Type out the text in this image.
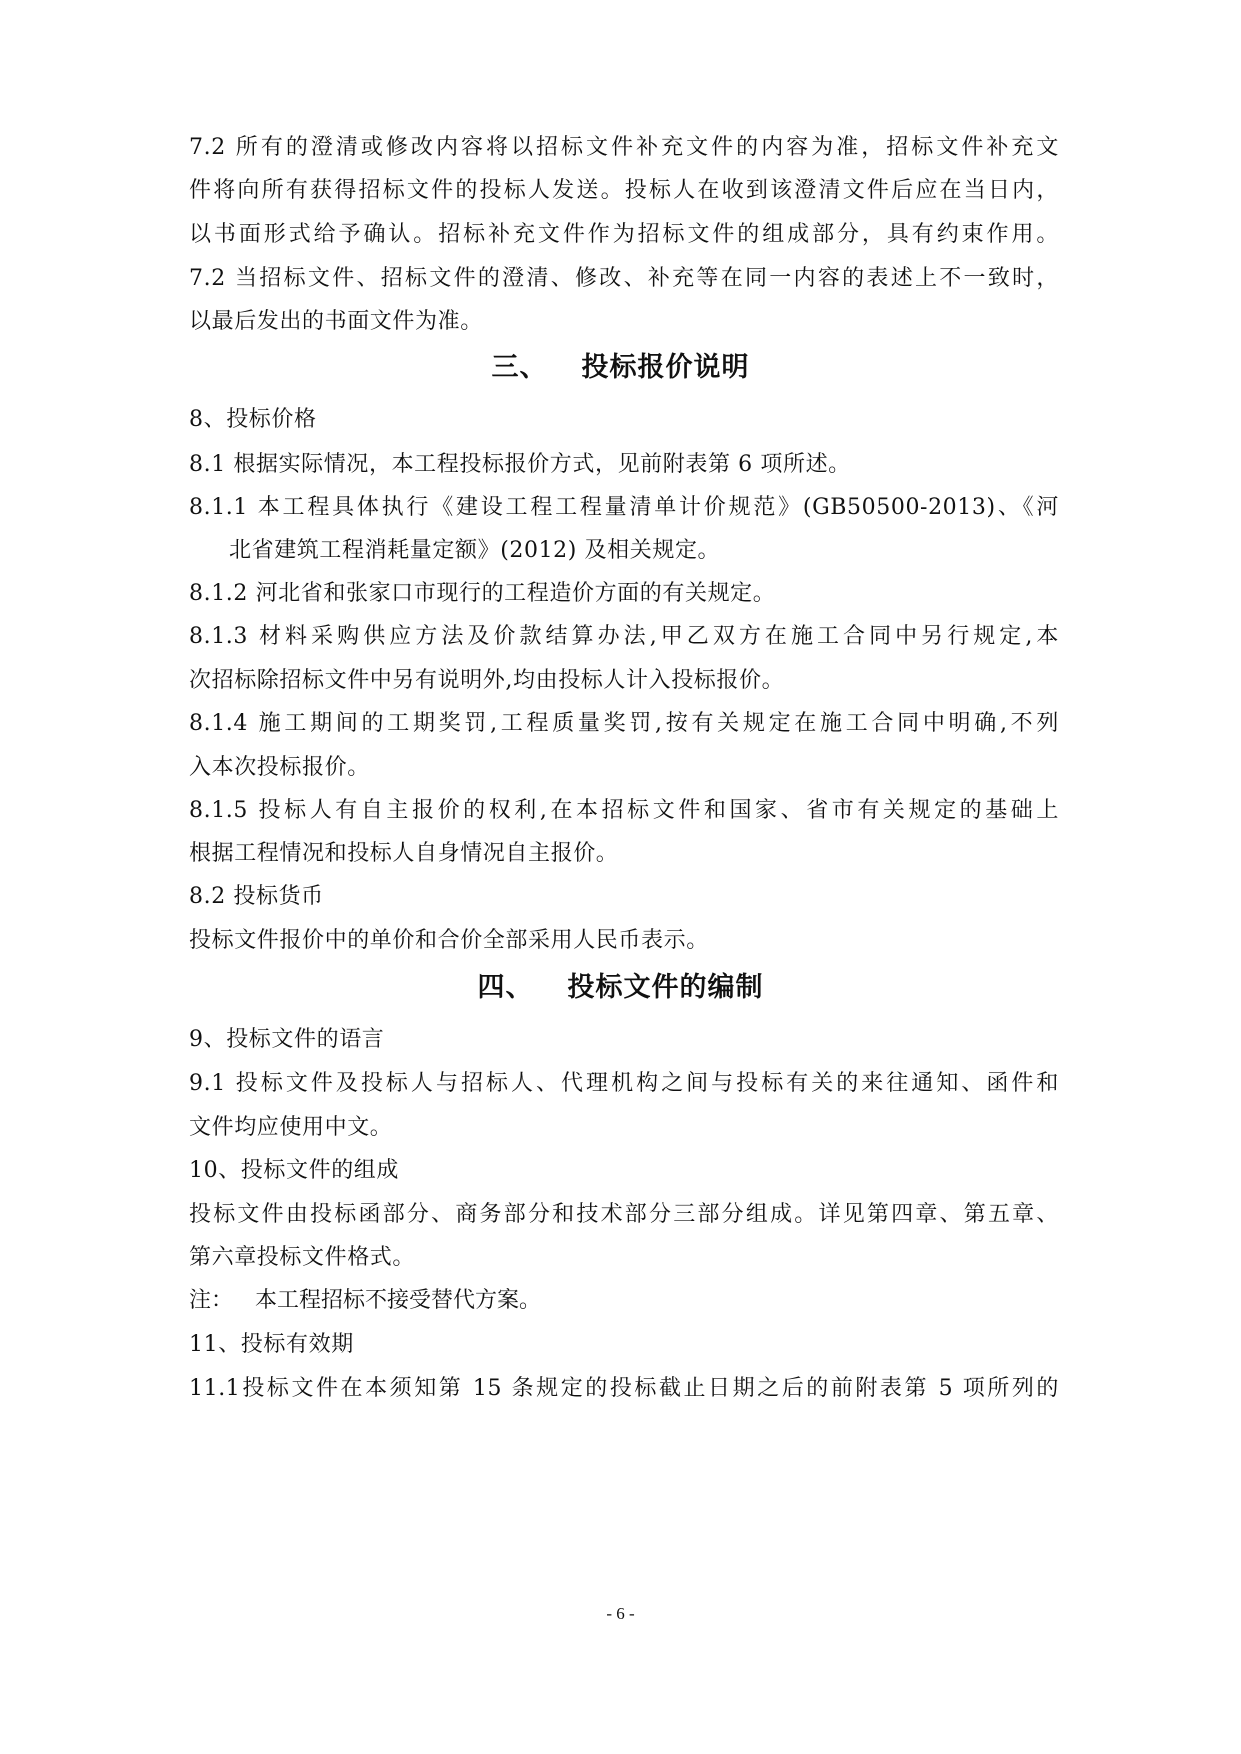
7.2 所有的澄清或修改内容将以招标文件补充文件的内容为准，招标文件补充文
件将向所有获得招标文件的投标人发送。投标人在收到该澄清文件后应在当日内，
以书面形式给予确认。招标补充文件作为招标文件的组成部分，具有约束作用。
7.2 当招标文件、招标文件的澄清、修改、补充等在同一内容的表述上不一致时，
以最后发出的书面文件为准。
三、 投标报价说明
8、投标价格
8.1 根据实际情况，本工程投标报价方式，见前附表第 6 项所述。
8.1.1 本工程具体执行《建设工程工程量清单计价规范》(GB50500-2013)、《河
北省建筑工程消耗量定额》(2012) 及相关规定。
8.1.2 河北省和张家口市现行的工程造价方面的有关规定。
8.1.3 材料采购供应方法及价款结算办法,甲乙双方在施工合同中另行规定,本
次招标除招标文件中另有说明外,均由投标人计入投标报价。
8.1.4 施工期间的工期奖罚,工程质量奖罚,按有关规定在施工合同中明确,不列
入本次投标报价。
8.1.5 投标人有自主报价的权利,在本招标文件和国家、省市有关规定的基础上
根据工程情况和投标人自身情况自主报价。
8.2 投标货币
投标文件报价中的单价和合价全部采用人民币表示。
四、 投标文件的编制
9、投标文件的语言
9.1 投标文件及投标人与招标人、代理机构之间与投标有关的来往通知、函件和
文件均应使用中文。
10、投标文件的组成
投标文件由投标函部分、商务部分和技术部分三部分组成。详见第四章、第五章、
第六章投标文件格式。
注： 本工程招标不接受替代方案。
11、投标有效期
11.1投标文件在本须知第 15 条规定的投标截止日期之后的前附表第 5 项所列的
- 6 -
